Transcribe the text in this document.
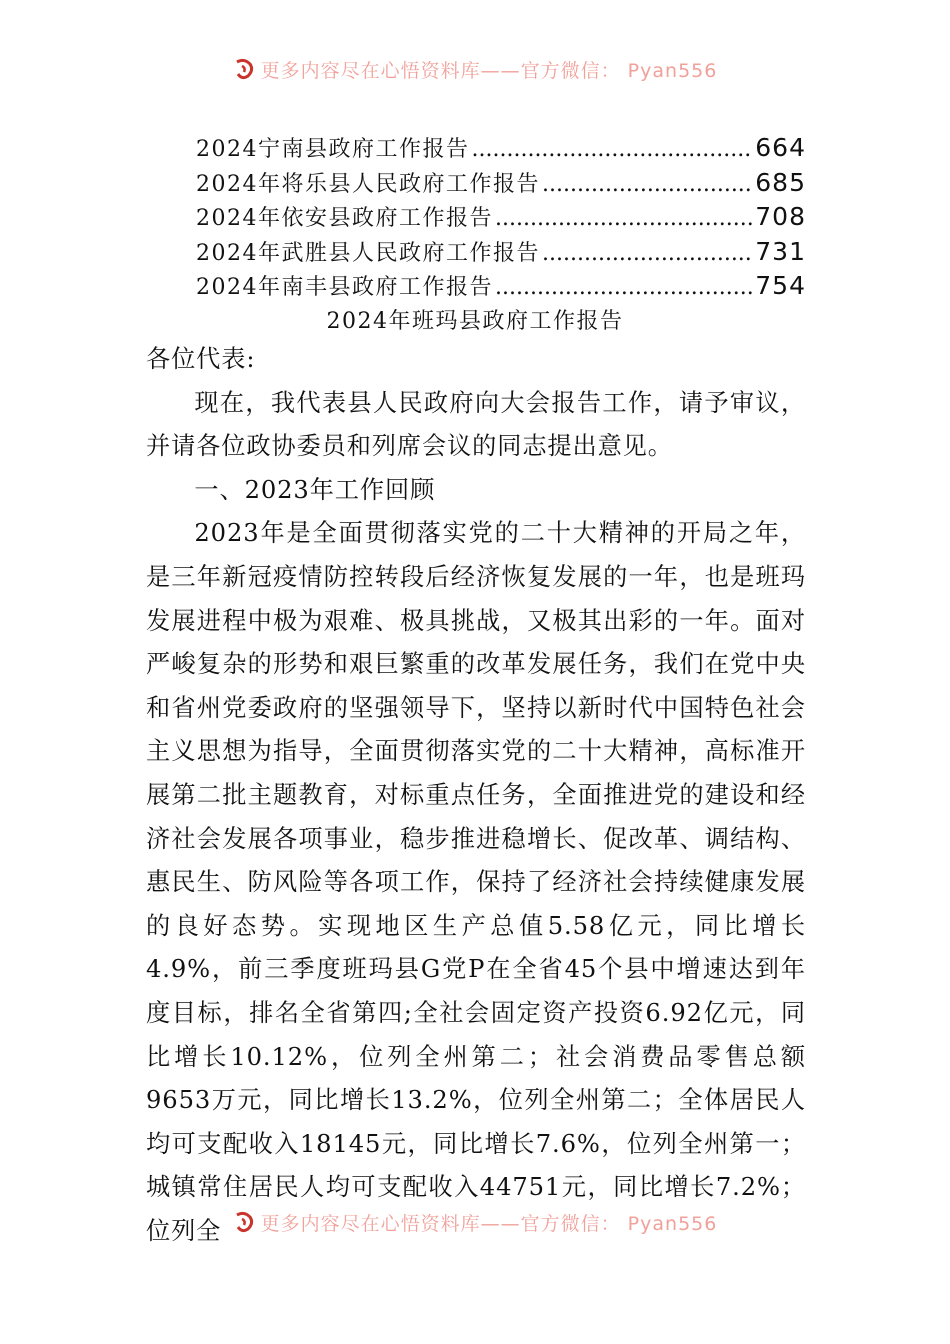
更多内容尽在心悟资料库——官方微信： Pyan556
2024宁南县政府工作报告 .....	664
2024年将乐县人民政府工作报告 .....	685
2024年依安县政府工作报告 .....	708
2024年武胜县人民政府工作报告 .....	731
2024年南丰县政府工作报告 .....	754
2024年班玛县政府工作报告

各位代表:

现在，我代表县人民政府向大会报告工作，请予审议，并请各位政协委员和列席会议的同志提出意见。

一、2023年工作回顾

2023年是全面贯彻落实党的二十大精神的开局之年，是三年新冠疫情防控转段后经济恢复发展的一年，也是班玛发展进程中极为艰难、极具挑战，又极其出彩的一年。面对严峻复杂的形势和艰巨繁重的改革发展任务，我们在党中央和省州党委政府的坚强领导下，坚持以新时代中国特色社会主义思想为指导，全面贯彻落实党的二十大精神，高标准开展第二批主题教育，对标重点任务，全面推进党的建设和经济社会发展各项事业，稳步推进稳增长、促改革、调结构、惠民生、防风险等各项工作，保持了经济社会持续健康发展的良好态势。实现地区生产总值5.58亿元，同比增长4.9%，前三季度班玛县G党P在全省45个县中增速达到年度目标，排名全省第四;全社会固定资产投资6.92亿元，同比增长10.12%，位列全州第二；社会消费品零售总额9653万元，同比增长13.2%，位列全州第二；全体居民人均可支配收入18145元，同比增长7.6%，位列全州第一；城镇常住居民人均可支配收入44751元，同比增长7.2%；位列全	更多内容尽在心悟资料库——官方微信： Pyan556
